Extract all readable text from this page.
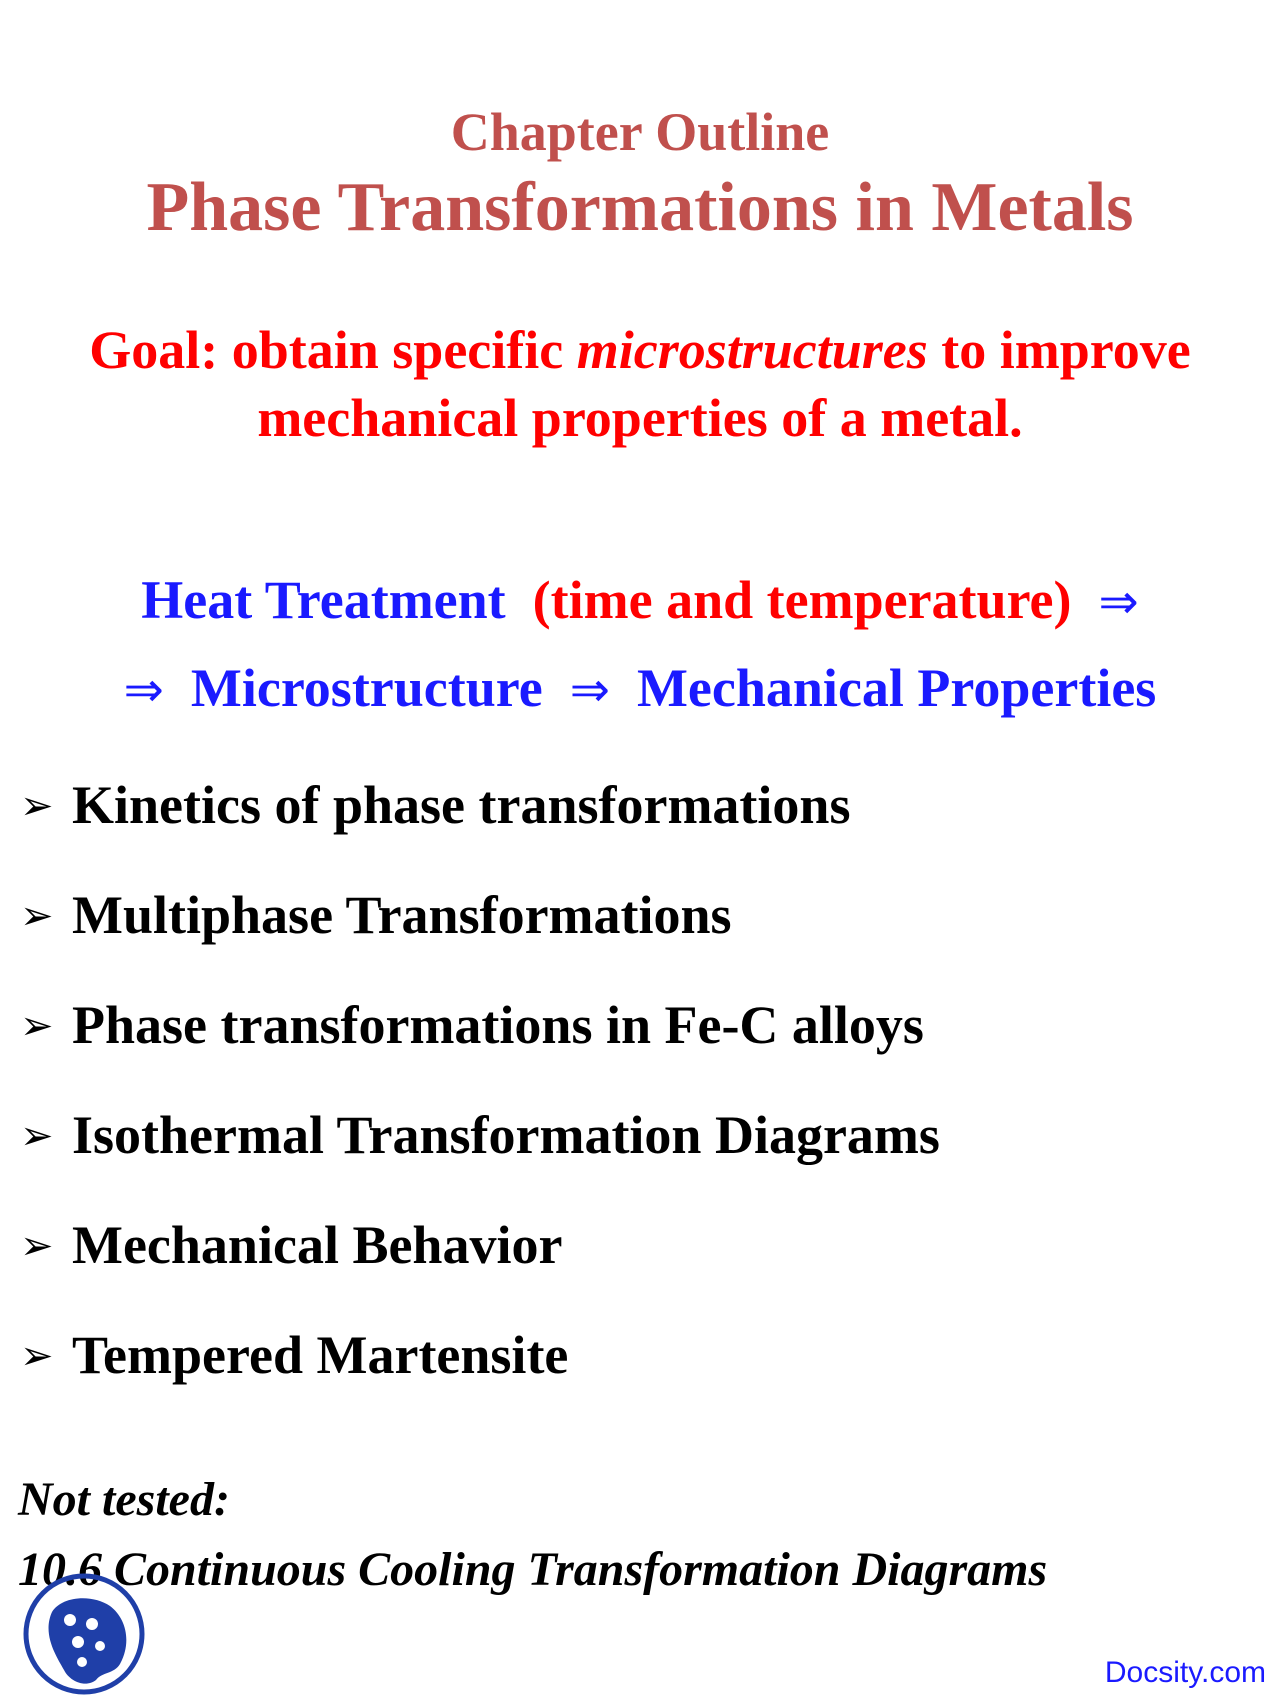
Chapter Outline
Phase Transformations in Metals
Goal: obtain specific microstructures to improve
mechanical properties of a metal.
Heat Treatment (time and temperature) ⇒
⇒ Microstructure ⇒ Mechanical Properties
➢ Kinetics of phase transformations
➢ Multiphase Transformations
➢ Phase transformations in Fe-C alloys
➢ Isothermal Transformation Diagrams
➢ Mechanical Behavior
➢ Tempered Martensite
Not tested:
10.6 Continuous Cooling Transformation Diagrams
Docsity.com
